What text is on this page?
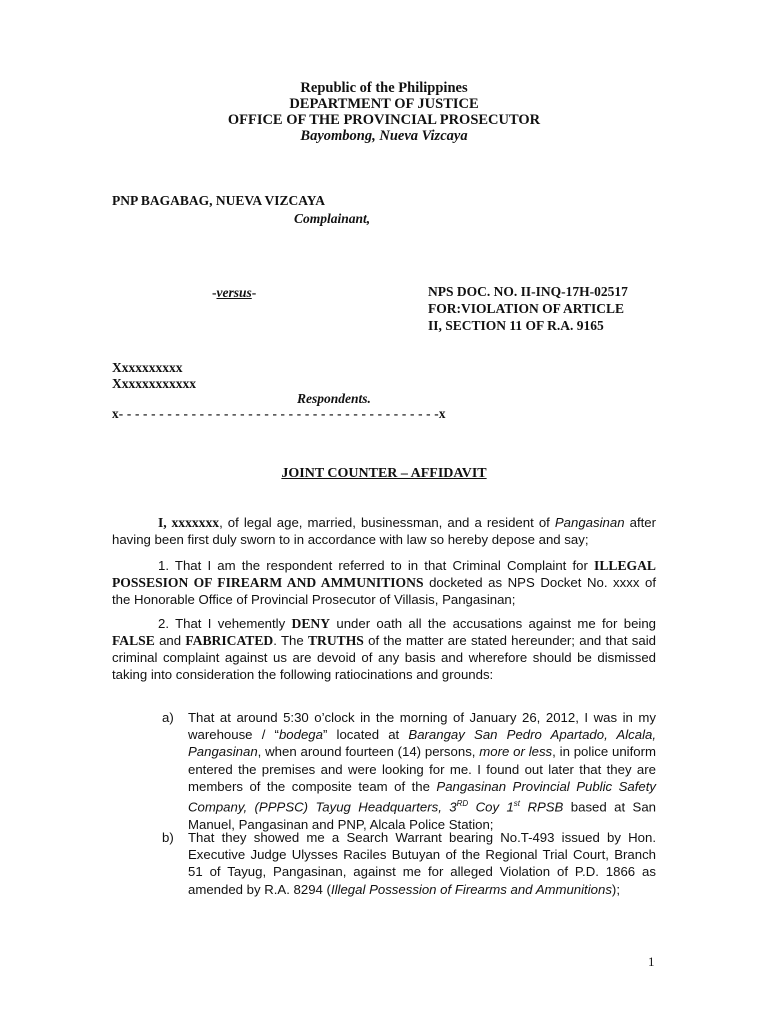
Republic of the Philippines

DEPARTMENT OF JUSTICE

OFFICE OF THE PROVINCIAL PROSECUTOR

Bayombong, Nueva Vizcaya

PNP BAGABAG, NUEVA VIZCAYA

Complainant,

-versus-	NPS DOC. NO. II-INQ-17H-02517

FOR:VIOLATION OF ARTICLE

II, SECTION 11 OF R.A. 9165

Xxxxxxxxxx

Xxxxxxxxxxxx

Respondents.

x- - - - - - - - - - - - - - - - - - - - - - - - - - - - - - - - - - - - - - - -x

JOINT COUNTER – AFFIDAVIT

I, xxxxxxx, of legal age, married, businessman, and a resident of Pangasinan after having been first duly sworn to in accordance with law so hereby depose and say;

1. That I am the respondent referred to in that Criminal Complaint for ILLEGAL POSSESION OF FIREARM AND AMMUNITIONS docketed as NPS Docket No. xxxx of the Honorable Office of Provincial Prosecutor of Villasis, Pangasinan;

2. That I vehemently DENY under oath all the accusations against me for being FALSE and FABRICATED. The TRUTHS of the matter are stated hereunder; and that said criminal complaint against us are devoid of any basis and wherefore should be dismissed taking into consideration the following ratiocinations and grounds:

a) That at around 5:30 o’clock in the morning of January 26, 2012, I was in my warehouse / “bodega” located at Barangay San Pedro Apartado, Alcala, Pangasinan, when around fourteen (14) persons, more or less, in police uniform entered the premises and were looking for me. I found out later that they are members of the composite team of the Pangasinan Provincial Public Safety Company, (PPPSC) Tayug Headquarters, 3RD Coy 1st RPSB based at San Manuel, Pangasinan and PNP, Alcala Police Station;
b) That they showed me a Search Warrant bearing No.T-493 issued by Hon. Executive Judge Ulysses Raciles Butuyan of the Regional Trial Court, Branch 51 of Tayug, Pangasinan, against me for alleged Violation of P.D. 1866 as amended by R.A. 8294 (Illegal Possession of Firearms and Ammunitions);

1
